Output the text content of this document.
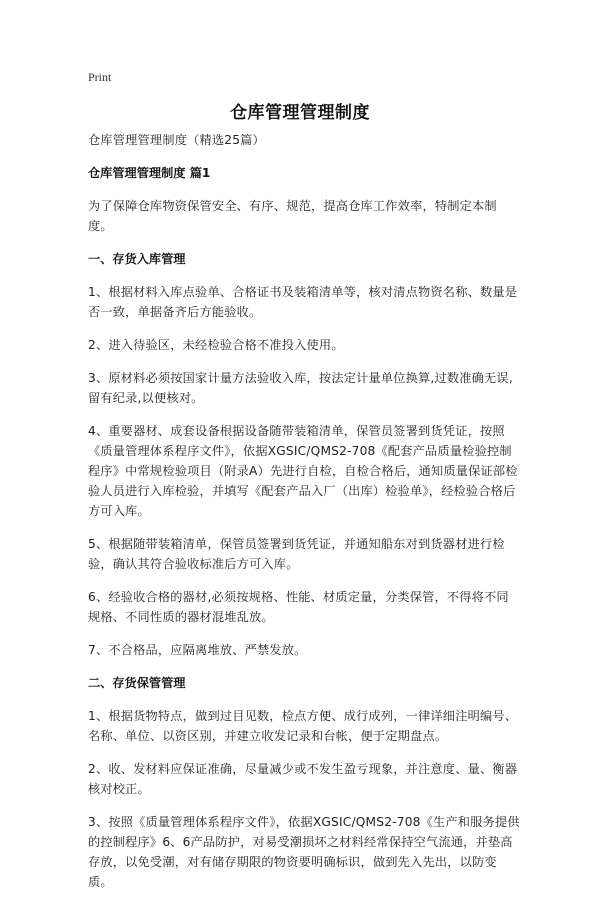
Print
仓库管理管理制度

仓库管理管理制度（精选25篇）

仓库管理管理制度 篇1

为了保障仓库物资保管安全、有序、规范，提高仓库工作效率，特制定本制度。

一、存货入库管理

1、根据材料入库点验单、合格证书及装箱清单等，核对清点物资名称、数量是否一致，单据备齐后方能验收。

2、进入待验区，未经检验合格不准投入使用。

3、原材料必须按国家计量方法验收入库，按法定计量单位换算,过数准确无误,留有纪录,以便核对。

4、重要器材、成套设备根据设备随带装箱清单，保管员签署到货凭证，按照《质量管理体系程序文件》，依据XGSIC/QMS2-708《配套产品质量检验控制程序》中常规检验项目（附录A）先进行自检，自检合格后，通知质量保证部检验人员进行入库检验，并填写《配套产品入厂（出库）检验单》，经检验合格后方可入库。

5、根据随带装箱清单，保管员签署到货凭证，并通知船东对到货器材进行检验，确认其符合验收标准后方可入库。

6、经验收合格的器材,必须按规格、性能、材质定量，分类保管，不得将不同规格、不同性质的器材混堆乱放。

7、不合格品，应隔离堆放、严禁发放。

二、存货保管管理

1、根据货物特点，做到过目见数，检点方便、成行成列，一律详细注明编号、名称、单位、以资区别，并建立收发记录和台帐，便于定期盘点。

2、收、发材料应保证准确，尽量减少或不发生盈亏现象，并注意度、量、衡器核对校正。

3、按照《质量管理体系程序文件》，依据XGSIC/QMS2-708《生产和服务提供的控制程序》6、6产品防护，对易受潮损坏之材料经常保持空气流通，并垫高存放，以免受潮，对有储存期限的物资要明确标识，做到先入先出，以防变质。
